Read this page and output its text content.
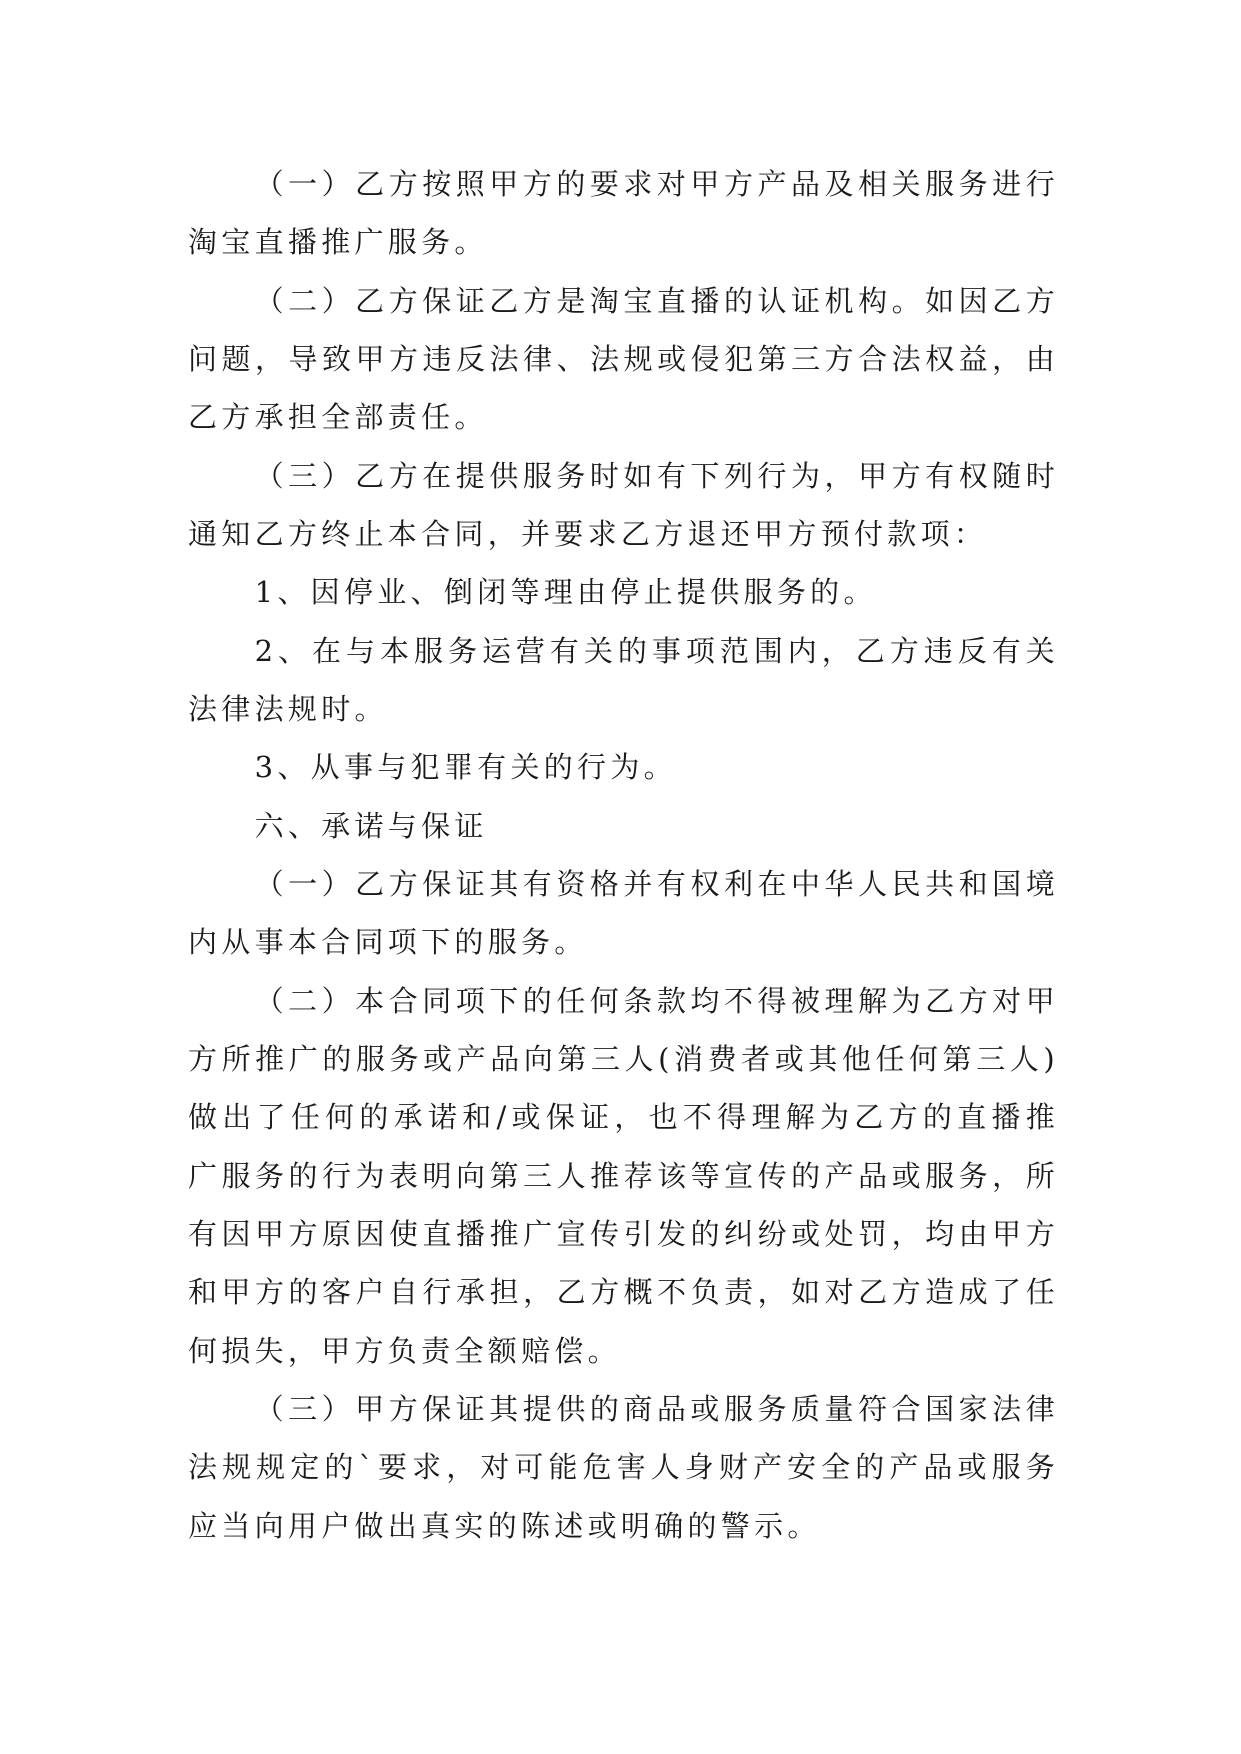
（一）乙方按照甲方的要求对甲方产品及相关服务进行
淘宝直播推广服务。
（二）乙方保证乙方是淘宝直播的认证机构。如因乙方
问题，导致甲方违反法律、法规或侵犯第三方合法权益，由
乙方承担全部责任。
（三）乙方在提供服务时如有下列行为，甲方有权随时
通知乙方终止本合同，并要求乙方退还甲方预付款项：
1、因停业、倒闭等理由停止提供服务的。
2、在与本服务运营有关的事项范围内，乙方违反有关
法律法规时。
3、从事与犯罪有关的行为。
六、承诺与保证
（一）乙方保证其有资格并有权利在中华人民共和国境
内从事本合同项下的服务。
（二）本合同项下的任何条款均不得被理解为乙方对甲
方所推广的服务或产品向第三人(消费者或其他任何第三人)
做出了任何的承诺和/或保证，也不得理解为乙方的直播推
广服务的行为表明向第三人推荐该等宣传的产品或服务，所
有因甲方原因使直播推广宣传引发的纠纷或处罚，均由甲方
和甲方的客户自行承担，乙方概不负责，如对乙方造成了任
何损失，甲方负责全额赔偿。
（三）甲方保证其提供的商品或服务质量符合国家法律
法规规定的`要求，对可能危害人身财产安全的产品或服务
应当向用户做出真实的陈述或明确的警示。
